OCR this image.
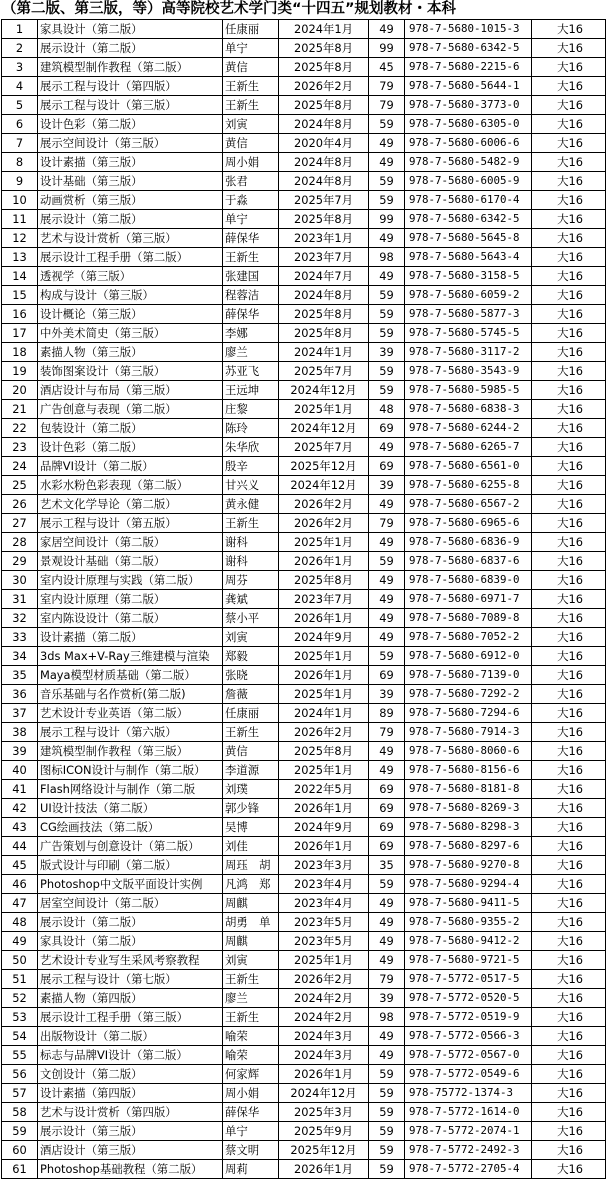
（第二版、第三版，等）高等院校艺术学门类“十四五”规划教材・本科
1	家具设计（第二版）	任康丽	2024年1月	49	978-7-5680-1015-3	大16
2	展示设计（第二版）	单宁	2025年8月	99	978-7-5680-6342-5	大16
3	建筑模型制作教程（第二版）	黄信	2025年8月	45	978-7-5680-2215-6	大16
4	展示工程与设计（第四版）	王新生	2026年2月	79	978-7-5680-5644-1	大16
5	展示工程与设计（第三版）	王新生	2025年8月	79	978-7-5680-3773-0	大16
6	设计色彩（第二版）	刘寅	2024年8月	59	978-7-5680-6305-0	大16
7	展示空间设计（第三版）	黄信	2020年4月	49	978-7-5680-6006-6	大16
8	设计素描（第三版）	周小娟	2024年8月	49	978-7-5680-5482-9	大16
9	设计基础（第三版）	张君	2024年8月	59	978-7-5680-6005-9	大16
10	动画赏析（第三版）	于淼	2025年7月	59	978-7-5680-6170-4	大16
11	展示设计（第二版）	单宁	2025年8月	99	978-7-5680-6342-5	大16
12	艺术与设计赏析（第三版）	薛保华	2023年1月	49	978-7-5680-5645-8	大16
13	展示设计工程手册（第二版）	王新生	2023年7月	98	978-7-5680-5643-4	大16
14	透视学（第三版）	张建国	2024年7月	49	978-7-5680-3158-5	大16
15	构成与设计（第三版）	程蓉洁	2024年8月	59	978-7-5680-6059-2	大16
16	设计概论（第三版）	薛保华	2025年8月	59	978-7-5680-5877-3	大16
17	中外美术简史（第三版）	李娜	2025年8月	59	978-7-5680-5745-5	大16
18	素描人物（第三版）	廖兰	2024年1月	39	978-7-5680-3117-2	大16
19	装饰图案设计（第三版）	苏亚飞	2025年7月	59	978-7-5680-3543-9	大16
20	酒店设计与布局（第三版）	王远坤	2024年12月	59	978-7-5680-5985-5	大16
21	广告创意与表现（第二版）	庄黎	2025年1月	48	978-7-5680-6838-3	大16
22	包装设计（第二版）	陈玲	2024年12月	69	978-7-5680-6244-2	大16
23	设计色彩（第二版）	朱华欣	2025年7月	49	978-7-5680-6265-7	大16
24	品牌VI设计（第二版）	殷辛	2025年12月	69	978-7-5680-6561-0	大16
25	水彩水粉色彩表现（第二版）	甘兴义	2024年12月	39	978-7-5680-6255-8	大16
26	艺术文化学导论（第二版）	黄永健	2026年2月	49	978-7-5680-6567-2	大16
27	展示工程与设计（第五版）	王新生	2026年2月	79	978-7-5680-6965-6	大16
28	家居空间设计（第二版）	谢科	2025年1月	49	978-7-5680-6836-9	大16
29	景观设计基础（第二版）	谢科	2026年1月	59	978-7-5680-6837-6	大16
30	室内设计原理与实践（第二版）	周芬	2025年8月	49	978-7-5680-6839-0	大16
31	室内设计原理（第二版）	龚斌	2023年7月	49	978-7-5680-6971-7	大16
32	室内陈设设计（第二版）	蔡小平	2026年1月	49	978-7-5680-7089-8	大16
33	设计素描（第二版）	刘寅	2024年9月	49	978-7-5680-7052-2	大16
34	3ds Max+V-Ray三维建模与渲染	郑毅	2025年1月	59	978-7-5680-6912-0	大16
35	Maya模型材质基础（第二版）	张晓	2026年1月	69	978-7-5680-7139-0	大16
36	音乐基础与名作赏析(第二版)	詹薇	2025年1月	39	978-7-5680-7292-2	大16
37	艺术设计专业英语（第二版）	任康丽	2024年1月	89	978-7-5680-7294-6	大16
38	展示工程与设计（第六版）	王新生	2026年2月	79	978-7-5680-7914-3	大16
39	建筑模型制作教程（第三版）	黄信	2025年8月	49	978-7-5680-8060-6	大16
40	图标ICON设计与制作（第二版）	李道源	2025年1月	49	978-7-5680-8156-6	大16
41	Flash网络设计与制作（第二版	刘璞	2022年5月	69	978-7-5680-8181-8	大16
42	UI设计技法（第二版）	郭少锋	2026年1月	69	978-7-5680-8269-3	大16
43	CG绘画技法（第二版）	吴博	2024年9月	69	978-7-5680-8298-3	大16
44	广告策划与创意设计（第二版）	刘佳	2026年1月	69	978-7-5680-8297-6	大16
45	版式设计与印刷（第二版）	周珏　胡	2023年3月	35	978-7-5680-9270-8	大16
46	Photoshop中文版平面设计实例	凡鸿　郑	2023年4月	59	978-7-5680-9294-4	大16
47	居室空间设计（第二版）	周麒	2023年4月	49	978-7-5680-9411-5	大16
48	展示设计（第二版）	胡勇　单	2023年5月	49	978-7-5680-9355-2	大16
49	家具设计（第二版）	周麒	2023年5月	49	978-7-5680-9412-2	大16
50	艺术设计专业写生采风考察教程	刘寅	2025年1月	49	978-7-5680-9721-5	大16
51	展示工程与设计（第七版）	王新生	2026年2月	79	978-7-5772-0517-5	大16
52	素描人物（第四版）	廖兰	2024年2月	39	978-7-5772-0520-5	大16
53	展示设计工程手册（第三版）	王新生	2024年2月	98	978-7-5772-0519-9	大16
54	出版物设计（第二版）	喻荣	2024年3月	49	978-7-5772-0566-3	大16
55	标志与品牌VI设计（第二版）	喻荣	2024年3月	49	978-7-5772-0567-0	大16
56	文创设计（第二版）	何家辉	2026年1月	59	978-7-5772-0549-6	大16
57	设计素描（第四版）	周小娟	2024年12月	59	978-75772-1374-3	大16
58	艺术与设计赏析（第四版）	薛保华	2025年3月	59	978-7-5772-1614-0	大16
59	展示设计（第三版）	单宁	2025年9月	59	978-7-5772-2074-1	大16
60	酒店设计（第三版）	蔡文明	2025年12月	59	978-7-5772-2492-3	大16
61	Photoshop基础教程（第二版）	周莉	2026年1月	59	978-7-5772-2705-4	大16
